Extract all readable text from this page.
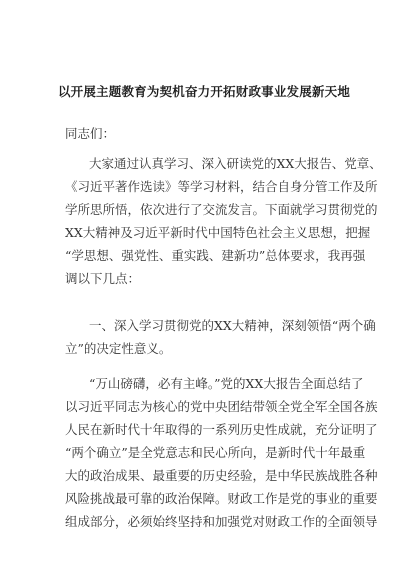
以开展主题教育为契机奋力开拓财政事业发展新天地
同志们：
大家通过认真学习、深入研读党的XX大报告、党章、
《习近平著作选读》等学习材料，结合自身分管工作及所
学所思所悟，依次进行了交流发言。下面就学习贯彻党的
XX大精神及习近平新时代中国特色社会主义思想，把握
“学思想、强党性、重实践、建新功”总体要求，我再强
调以下几点：
一、深入学习贯彻党的XX大精神，深刻领悟“两个确
立”的决定性意义。
“万山磅礴，必有主峰。”党的XX大报告全面总结了
以习近平同志为核心的党中央团结带领全党全军全国各族
人民在新时代十年取得的一系列历史性成就，充分证明了
“两个确立”是全党意志和民心所向，是新时代十年最重
大的政治成果、最重要的历史经验，是中华民族战胜各种
风险挑战最可靠的政治保障。财政工作是党的事业的重要
组成部分，必须始终坚持和加强党对财政工作的全面领导
